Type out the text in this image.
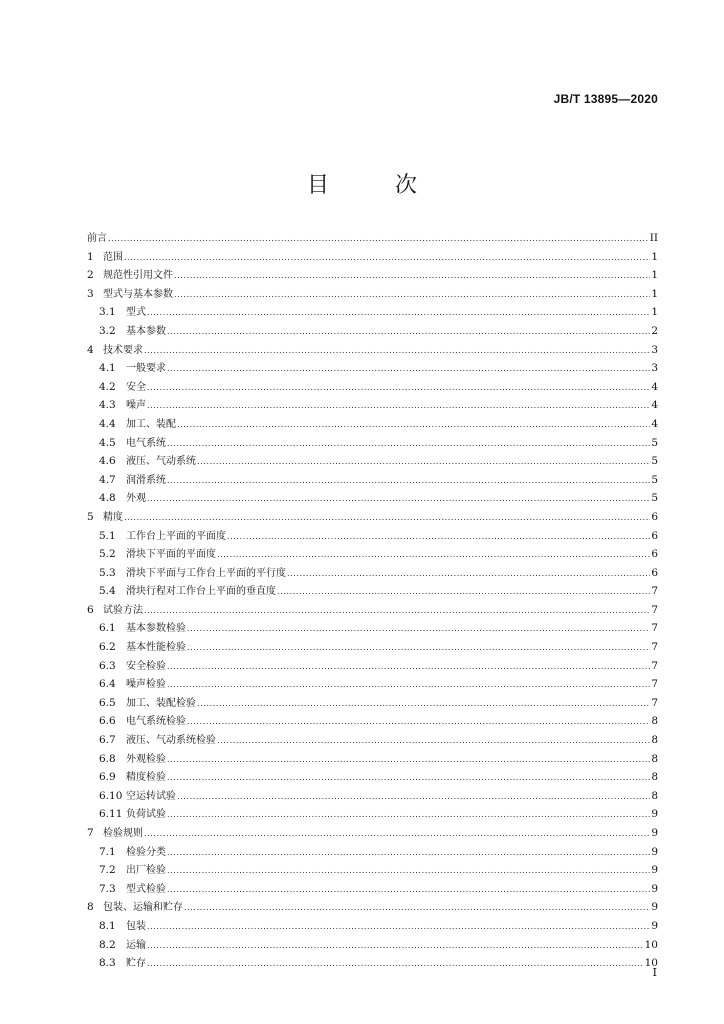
JB/T 13895—2020
目　次
前言 .....	II
1 范围 .....	1
2 规范性引用文件 .....	1
3 型式与基本参数 .....	1
3.1	型式 .....	1
3.2	基本参数 .....	2
4 技术要求 .....	3
4.1	一般要求 .....	3
4.2	安全 .....	4
4.3	噪声 .....	4
4.4	加工、装配 .....	4
4.5	电气系统 .....	5
4.6	液压、气动系统 .....	5
4.7	润滑系统 .....	5
4.8	外观 .....	5
5 精度 .....	6
5.1	工作台上平面的平面度 .....	6
5.2	滑块下平面的平面度 .....	6
5.3	滑块下平面与工作台上平面的平行度 .....	6
5.4	滑块行程对工作台上平面的垂直度 .....	7
6 试验方法 .....	7
6.1	基本参数检验 .....	7
6.2	基本性能检验 .....	7
6.3	安全检验 .....	7
6.4	噪声检验 .....	7
6.5	加工、装配检验 .....	7
6.6	电气系统检验 .....	8
6.7	液压、气动系统检验 .....	8
6.8	外观检验 .....	8
6.9	精度检验 .....	8
6.10 空运转试验 .....	8
6.11 负荷试验 .....	9
7 检验规则 .....	9
7.1	检验分类 .....	9
7.2	出厂检验 .....	9
7.3	型式检验 .....	9
8 包装、运输和贮存 .....	9
8.1	包装 .....	9
8.2	运输 .....	10
8.3	贮存 .....	10
I
